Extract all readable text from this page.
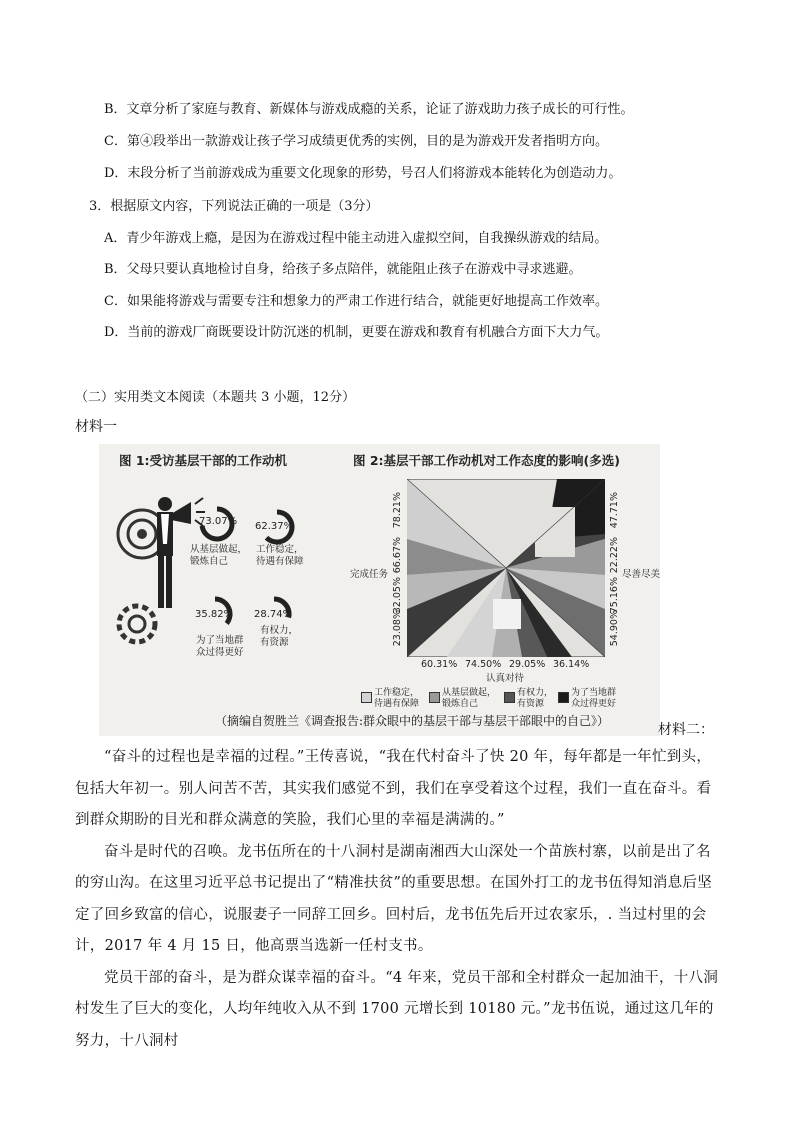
B．文章分析了家庭与教育、新媒体与游戏成瘾的关系，论证了游戏助力孩子成长的可行性。
C．第④段举出一款游戏让孩子学习成绩更优秀的实例，目的是为游戏开发者指明方向。
D．末段分析了当前游戏成为重要文化现象的形势，号召人们将游戏本能转化为创造动力。
3．根据原文内容，下列说法正确的一项是（3分）
A．青少年游戏上瘾，是因为在游戏过程中能主动进入虚拟空间，自我操纵游戏的结局。
B．父母只要认真地检讨自身，给孩子多点陪伴，就能阻止孩子在游戏中寻求逃避。
C．如果能将游戏与需要专注和想象力的严肃工作进行结合，就能更好地提高工作效率。
D．当前的游戏厂商既要设计防沉迷的机制，更要在游戏和教育有机融合方面下大力气。
（二）实用类文本阅读（本题共 3 小题，12分）
材料一
图 1:受访基层干部的工作动机	图 2:基层干部工作动机对工作态度的影响(多选)
73.07%
从基层做起，
锻炼自己
62.37%
工作稳定，
待遇有保障
35.82%
为了当地群
众过得更好
28.74%
有权力，
有资源
78.21%
66.67%
32.05%
23.08%
完成任务
47.71%
22.22%
75.16%
54.90%
尽善尽美
60.31% 74.50% 29.05% 36.14%
认真对待
工作稳定，
待遇有保障
从基层做起，
锻炼自己
有权力，
有资源
为了当地群
众过得更好
（摘编自贺胜兰《调查报告:群众眼中的基层干部与基层干部眼中的自己》）
材料二：

“奋斗的过程也是幸福的过程。”王传喜说，“我在代村奋斗了快 20 年，每年都是一年忙到头，包括大年初一。别人问苦不苦，其实我们感觉不到，我们在享受着这个过程，我们一直在奋斗。看到群众期盼的目光和群众满意的笑脸，我们心里的幸福是满满的。”

奋斗是时代的召唤。龙书伍所在的十八洞村是湖南湘西大山深处一个苗族村寨，以前是出了名的穷山沟。在这里习近平总书记提出了“精准扶贫”的重要思想。在国外打工的龙书伍得知消息后坚定了回乡致富的信心，说服妻子一同辞工回乡。回村后，龙书伍先后开过农家乐，. 当过村里的会计，2017 年 4 月 15 日，他高票当选新一任村支书。

党员干部的奋斗，是为群众谋幸福的奋斗。“4 年来，党员干部和全村群众一起加油干，十八洞村发生了巨大的变化，人均年纯收入从不到 1700 元增长到 10180 元。”龙书伍说，通过这几年的努力，十八洞村
